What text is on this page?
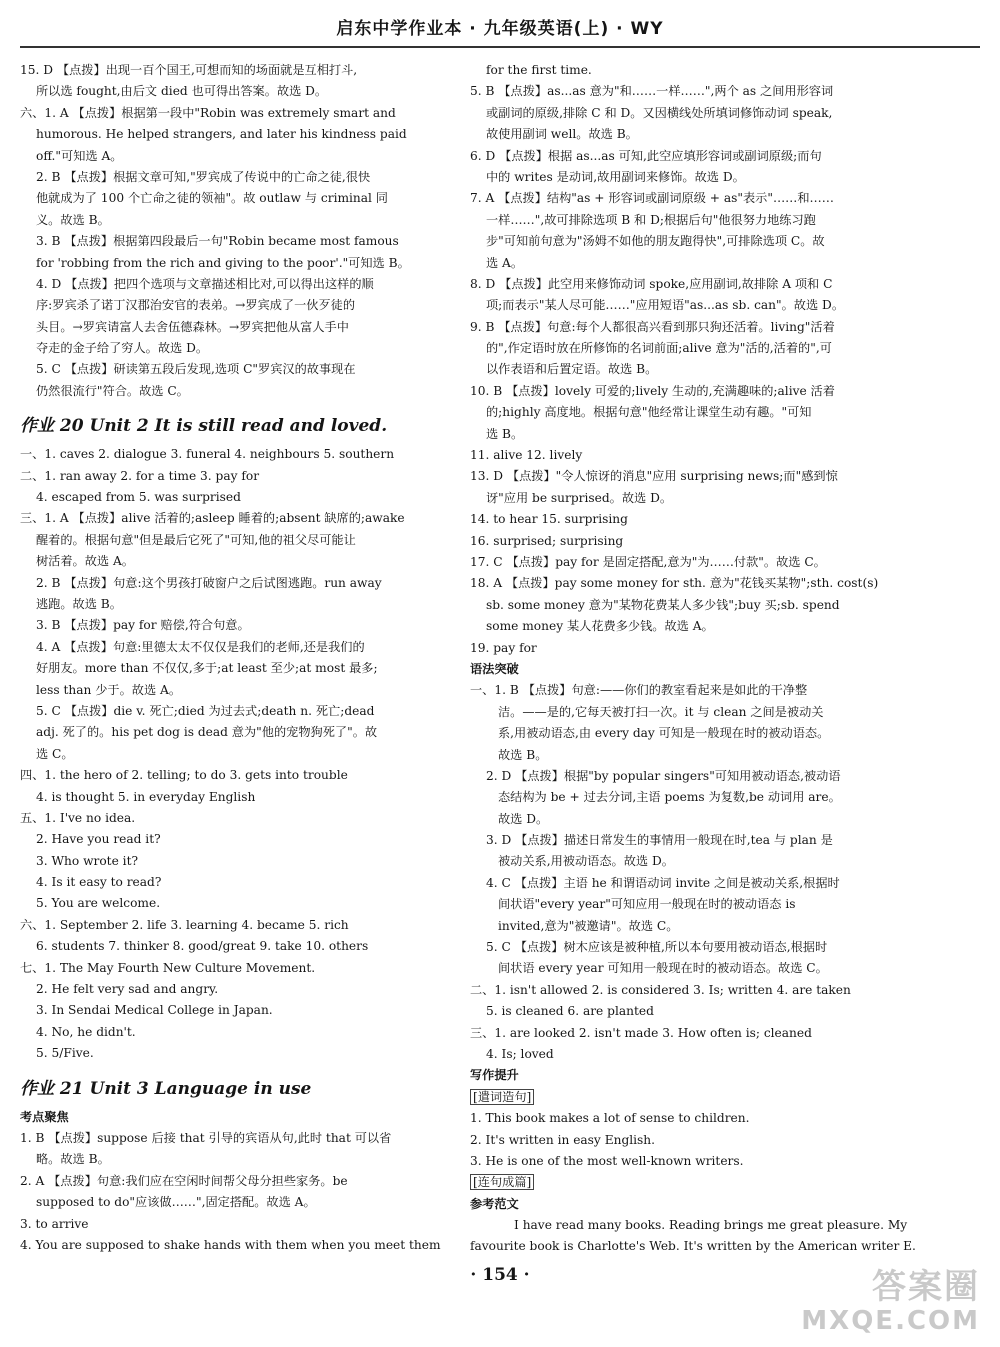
启东中学作业本 · 九年级英语(上) · WY
15. D 【点拨】出现一百个国王,可想而知的场面就是互相打斗,
所以选 fought,由后文 died 也可得出答案。故选 D。
六、1. A 【点拨】根据第一段中"Robin was extremely smart and
humorous. He helped strangers, and later his kindness paid
off."可知选 A。
2. B 【点拨】根据文章可知,"罗宾成了传说中的亡命之徒,很快
他就成为了 100 个亡命之徒的领袖"。故 outlaw 与 criminal 同
义。故选 B。
3. B 【点拨】根据第四段最后一句"Robin became most famous
for 'robbing from the rich and giving to the poor'."可知选 B。
4. D 【点拨】把四个选项与文章描述相比对,可以得出这样的顺
序:罗宾杀了诺丁汉郡治安官的表弟。→罗宾成了一伙歹徒的
头目。→罗宾请富人去舍伍德森林。→罗宾把他从富人手中
夺走的金子给了穷人。故选 D。
5. C 【点拨】研读第五段后发现,选项 C"罗宾汉的故事现在
仍然很流行"符合。故选 C。
作业 20 Unit 2 It is still read and loved.
一、1. caves 2. dialogue 3. funeral 4. neighbours 5. southern
二、1. ran away 2. for a time 3. pay for
4. escaped from 5. was surprised
三、1. A 【点拨】alive 活着的;asleep 睡着的;absent 缺席的;awake
醒着的。根据句意"但是最后它死了"可知,他的祖父尽可能让
树活着。故选 A。
2. B 【点拨】句意:这个男孩打破窗户之后试图逃跑。run away
逃跑。故选 B。
3. B 【点拨】pay for 赔偿,符合句意。
4. A 【点拨】句意:里德太太不仅仅是我们的老师,还是我们的
好朋友。more than 不仅仅,多于;at least 至少;at most 最多;
less than 少于。故选 A。
5. C 【点拨】die v. 死亡;died 为过去式;death n. 死亡;dead
adj. 死了的。his pet dog is dead 意为"他的宠物狗死了"。故
选 C。
四、1. the hero of 2. telling; to do 3. gets into trouble
4. is thought 5. in everyday English
五、1. I've no idea.
2. Have you read it?
3. Who wrote it?
4. Is it easy to read?
5. You are welcome.
六、1. September 2. life 3. learning 4. became 5. rich
6. students 7. thinker 8. good/great 9. take 10. others
七、1. The May Fourth New Culture Movement.
2. He felt very sad and angry.
3. In Sendai Medical College in Japan.
4. No, he didn't.
5. 5/Five.
作业 21 Unit 3 Language in use
考点聚焦
1. B 【点拨】suppose 后接 that 引导的宾语从句,此时 that 可以省
略。故选 B。
2. A 【点拨】句意:我们应在空闲时间帮父母分担些家务。be
supposed to do"应该做……",固定搭配。故选 A。
3. to arrive
4. You are supposed to shake hands with them when you meet them
for the first time.
5. B 【点拨】as...as 意为"和……一样……",两个 as 之间用形容词
或副词的原级,排除 C 和 D。又因横线处所填词修饰动词 speak,
故使用副词 well。故选 B。
6. D 【点拨】根据 as...as 可知,此空应填形容词或副词原级;而句
中的 writes 是动词,故用副词来修饰。故选 D。
7. A 【点拨】结构"as + 形容词或副词原级 + as"表示"……和……
一样……",故可排除选项 B 和 D;根据后句"他很努力地练习跑
步"可知前句意为"汤姆不如他的朋友跑得快",可排除选项 C。故
选 A。
8. D 【点拨】此空用来修饰动词 spoke,应用副词,故排除 A 项和 C
项;而表示"某人尽可能……"应用短语"as...as sb. can"。故选 D。
9. B 【点拨】句意:每个人都很高兴看到那只狗还活着。living"活着
的",作定语时放在所修饰的名词前面;alive 意为"活的,活着的",可
以作表语和后置定语。故选 B。
10. B 【点拨】lovely 可爱的;lively 生动的,充满趣味的;alive 活着
的;highly 高度地。根据句意"他经常让课堂生动有趣。"可知
选 B。
11. alive 12. lively
13. D 【点拨】"令人惊讶的消息"应用 surprising news;而"感到惊
讶"应用 be surprised。故选 D。
14. to hear 15. surprising
16. surprised; surprising
17. C 【点拨】pay for 是固定搭配,意为"为……付款"。故选 C。
18. A 【点拨】pay some money for sth. 意为"花钱买某物";sth. cost(s)
sb. some money 意为"某物花费某人多少钱";buy 买;sb. spend
some money 某人花费多少钱。故选 A。
19. pay for
语法突破
一、1. B 【点拨】句意:——你们的教室看起来是如此的干净整
洁。——是的,它每天被打扫一次。it 与 clean 之间是被动关
系,用被动语态,由 every day 可知是一般现在时的被动语态。
故选 B。
2. D 【点拨】根据"by popular singers"可知用被动语态,被动语
态结构为 be + 过去分词,主语 poems 为复数,be 动词用 are。
故选 D。
3. D 【点拨】描述日常发生的事情用一般现在时,tea 与 plan 是
被动关系,用被动语态。故选 D。
4. C 【点拨】主语 he 和谓语动词 invite 之间是被动关系,根据时
间状语"every year"可知应用一般现在时的被动语态 is
invited,意为"被邀请"。故选 C。
5. C 【点拨】树木应该是被种植,所以本句要用被动语态,根据时
间状语 every year 可知用一般现在时的被动语态。故选 C。
二、1. isn't allowed 2. is considered 3. Is; written 4. are taken
5. is cleaned 6. are planted
三、1. are looked 2. isn't made 3. How often is; cleaned
4. Is; loved
写作提升
[遣词造句]
1. This book makes a lot of sense to children.
2. It's written in easy English.
3. He is one of the most well-known writers.
[连句成篇]
参考范文
I have read many books. Reading brings me great pleasure. My
favourite book is Charlotte's Web. It's written by the American writer E.
· 154 ·	答案圈
MXQE.COM
